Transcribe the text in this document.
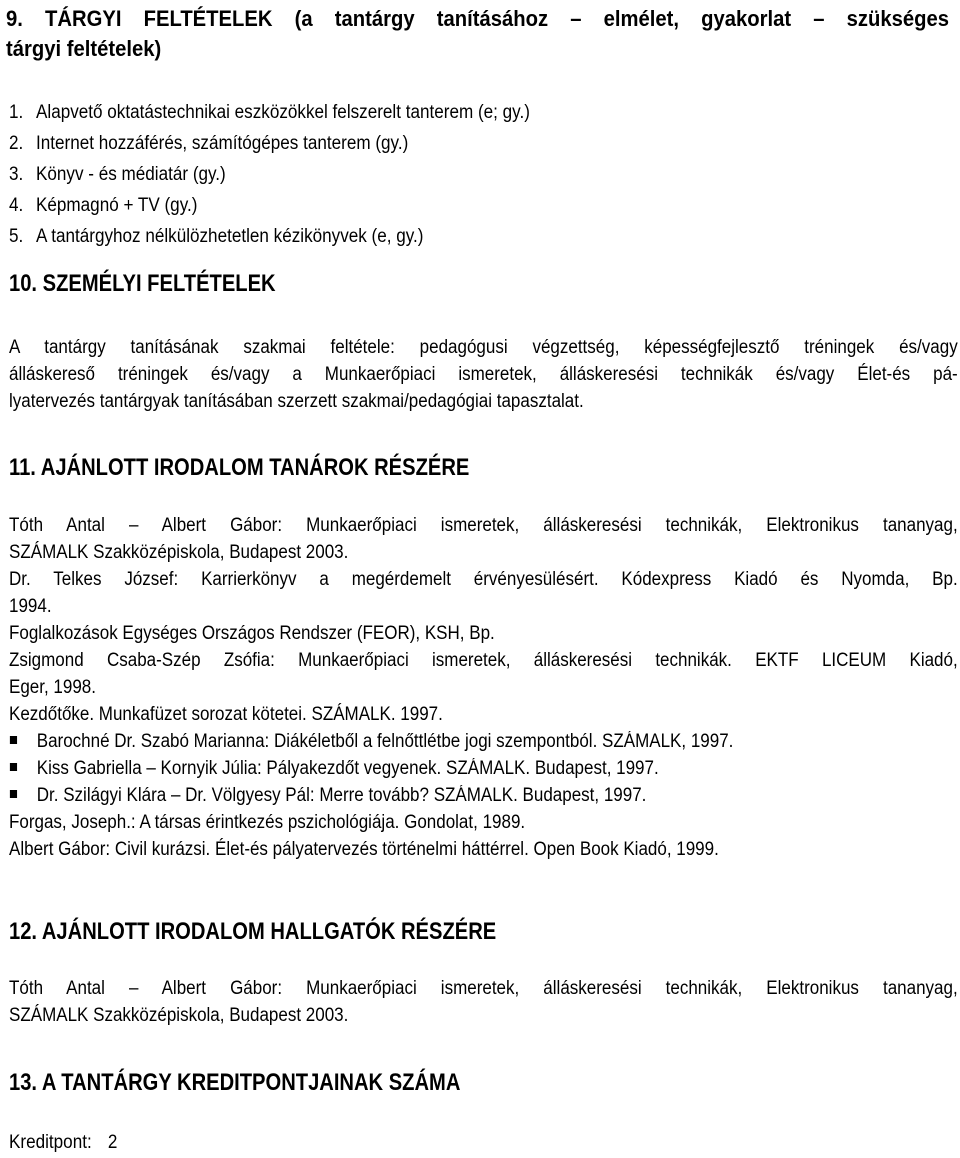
9. TÁRGYI FELTÉTELEK (a tantárgy tanításához – elmélet, gyakorlat – szükséges
tárgyi feltételek)
1. Alapvető oktatástechnikai eszközökkel felszerelt tanterem (e; gy.)
2. Internet hozzáférés, számítógépes tanterem (gy.)
3. Könyv - és médiatár (gy.)
4. Képmagnó + TV (gy.)
5. A tantárgyhoz nélkülözhetetlen kézikönyvek (e, gy.)
10. SZEMÉLYI FELTÉTELEK
A tantárgy tanításának szakmai feltétele: pedagógusi végzettség, képességfejlesztő tréningek és/vagy
álláskereső tréningek és/vagy a Munkaerőpiaci ismeretek, álláskeresési technikák és/vagy Élet-és pá-
lyatervezés tantárgyak tanításában szerzett szakmai/pedagógiai tapasztalat.
11. AJÁNLOTT IRODALOM TANÁROK RÉSZÉRE
Tóth Antal – Albert Gábor: Munkaerőpiaci ismeretek, álláskeresési technikák, Elektronikus tananyag,
SZÁMALK Szakközépiskola, Budapest 2003.
Dr. Telkes József: Karrierkönyv a megérdemelt érvényesülésért. Kódexpress Kiadó és Nyomda, Bp.
1994.
Foglalkozások Egységes Országos Rendszer (FEOR), KSH, Bp.
Zsigmond Csaba-Szép Zsófia: Munkaerőpiaci ismeretek, álláskeresési technikák. EKTF LICEUM Kiadó,
Eger, 1998.
Kezdőtőke. Munkafüzet sorozat kötetei. SZÁMALK. 1997.
Barochné Dr. Szabó Marianna: Diákéletből a felnőttlétbe jogi szempontból. SZÁMALK, 1997.
Kiss Gabriella – Kornyik Júlia: Pályakezdőt vegyenek. SZÁMALK. Budapest, 1997.
Dr. Szilágyi Klára – Dr. Völgyesy Pál: Merre tovább? SZÁMALK. Budapest, 1997.
Forgas, Joseph.: A társas érintkezés pszichológiája. Gondolat, 1989.
Albert Gábor: Civil kurázsi. Élet-és pályatervezés történelmi háttérrel. Open Book Kiadó, 1999.
12. AJÁNLOTT IRODALOM HALLGATÓK RÉSZÉRE
Tóth Antal – Albert Gábor: Munkaerőpiaci ismeretek, álláskeresési technikák, Elektronikus tananyag,
SZÁMALK Szakközépiskola, Budapest 2003.
13. A TANTÁRGY KREDITPONTJAINAK SZÁMA
Kreditpont: 2
